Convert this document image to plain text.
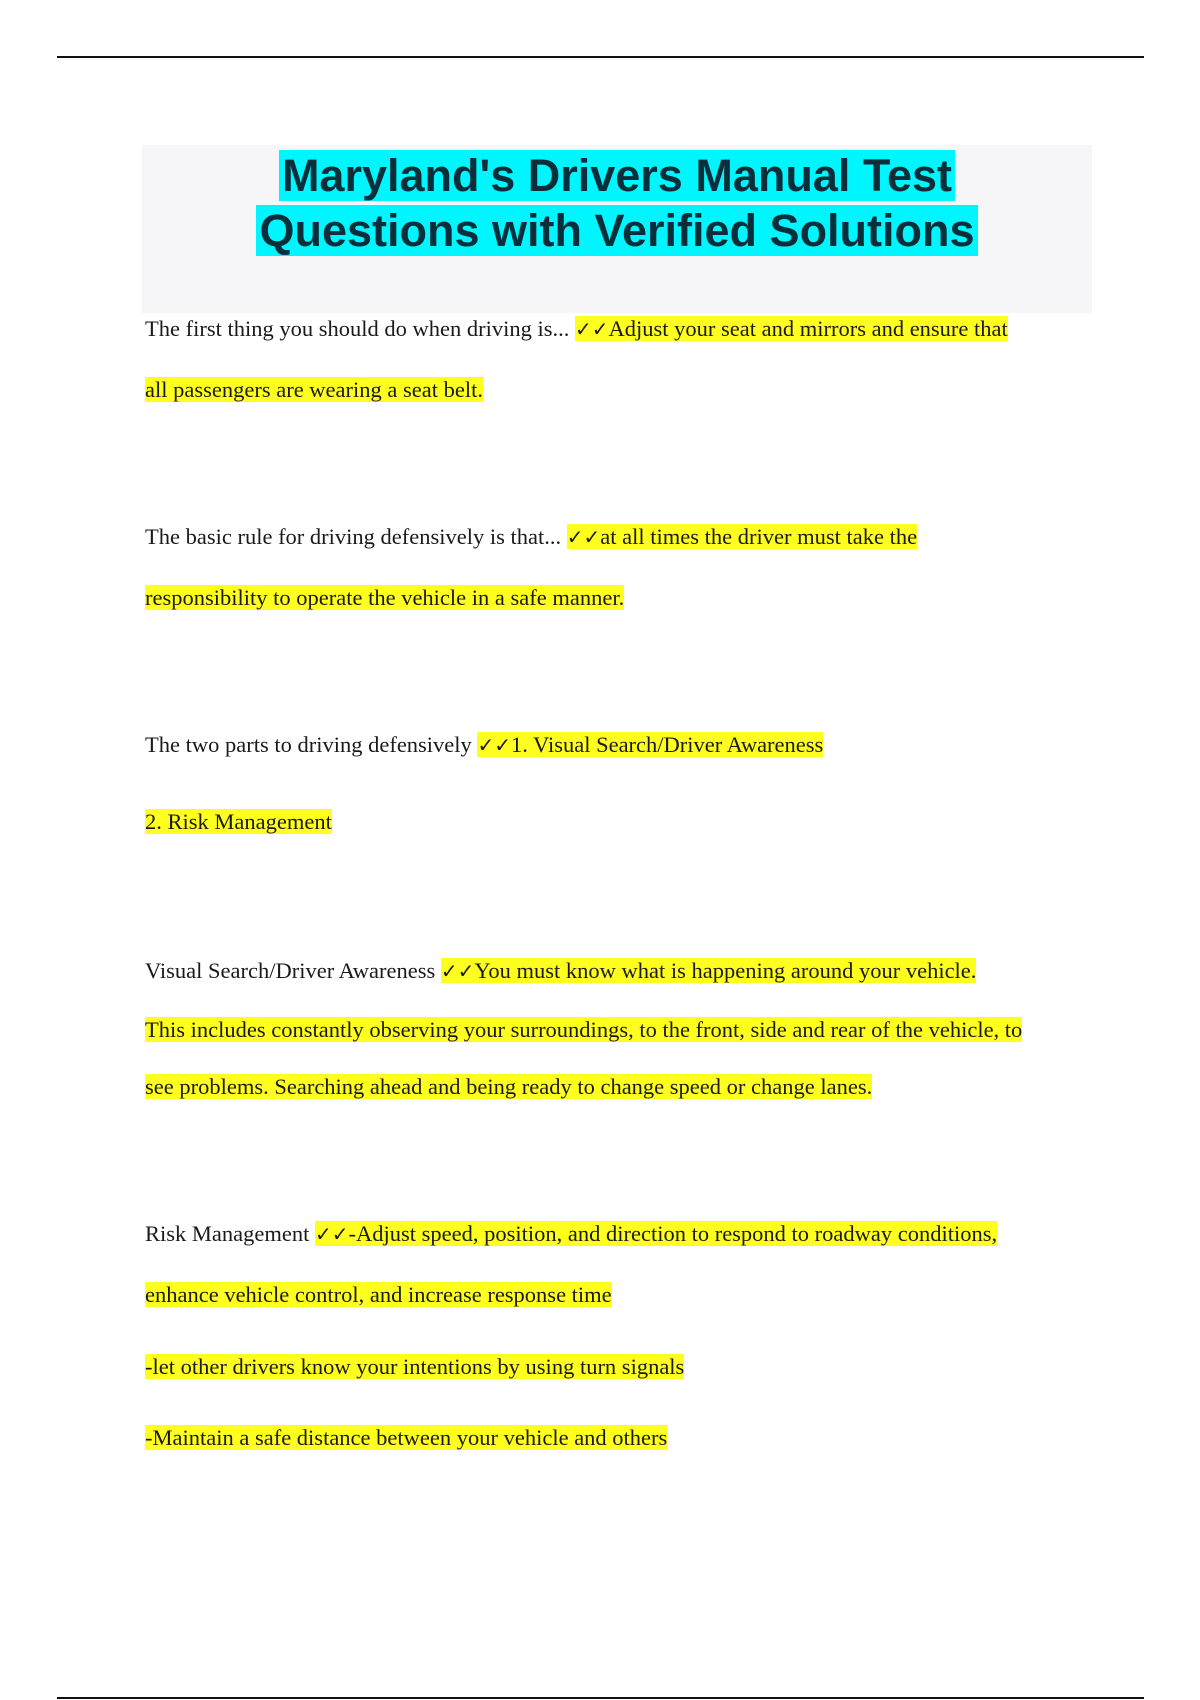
Maryland's Drivers Manual Test
Questions with Verified Solutions
The first thing you should do when driving is... ✓✓Adjust your seat and mirrors and ensure that
all passengers are wearing a seat belt.
The basic rule for driving defensively is that... ✓✓at all times the driver must take the
responsibility to operate the vehicle in a safe manner.
The two parts to driving defensively ✓✓1. Visual Search/Driver Awareness
2. Risk Management
Visual Search/Driver Awareness ✓✓You must know what is happening around your vehicle.
This includes constantly observing your surroundings, to the front, side and rear of the vehicle, to
see problems. Searching ahead and being ready to change speed or change lanes.
Risk Management ✓✓-Adjust speed, position, and direction to respond to roadway conditions,
enhance vehicle control, and increase response time
-let other drivers know your intentions by using turn signals
-Maintain a safe distance between your vehicle and others
